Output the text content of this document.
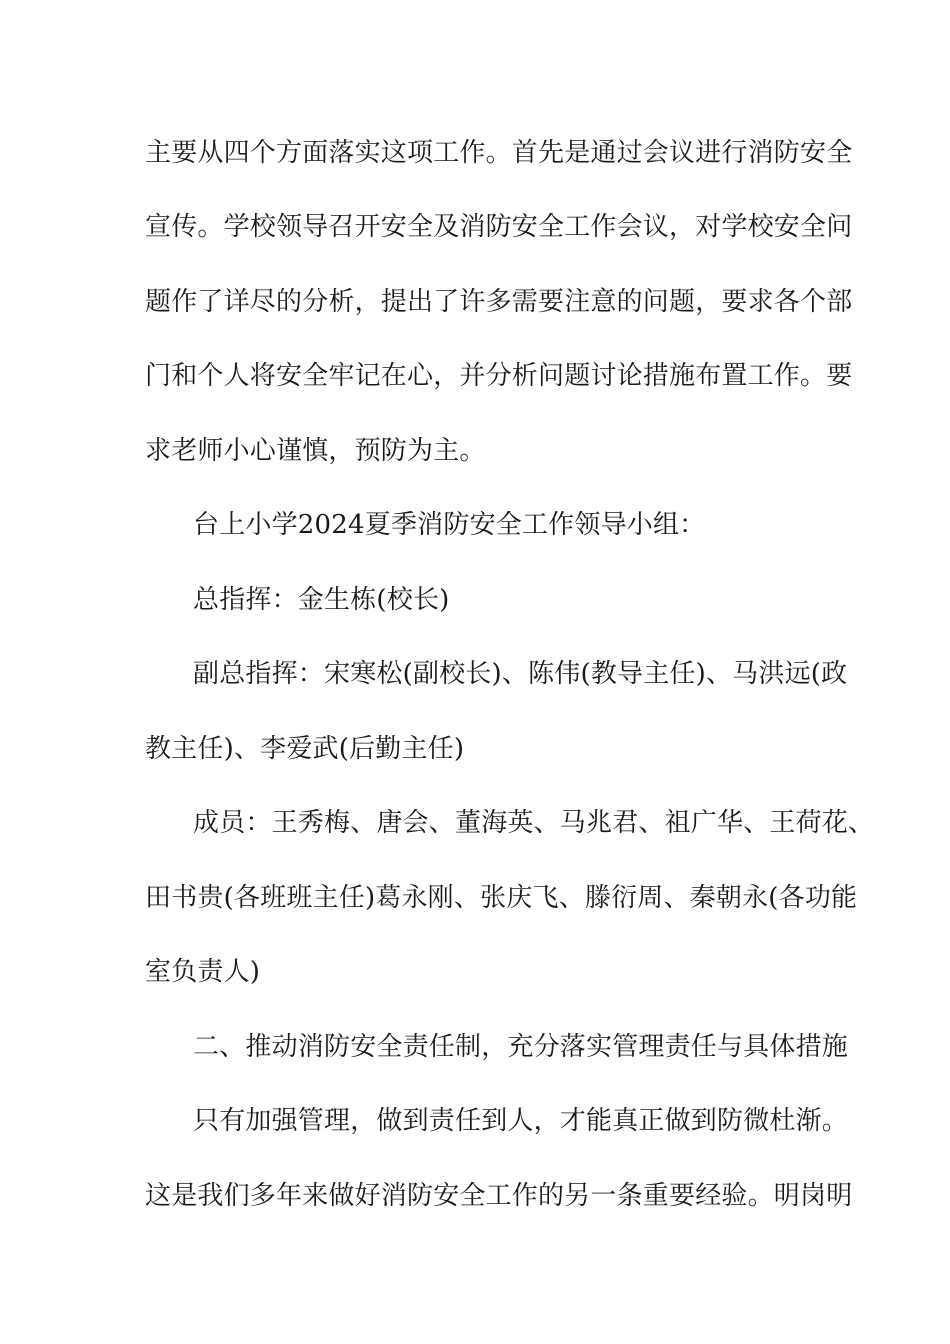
主要从四个方面落实这项工作。首先是通过会议进行消防安全
宣传。学校领导召开安全及消防安全工作会议，对学校安全问
题作了详尽的分析，提出了许多需要注意的问题，要求各个部
门和个人将安全牢记在心，并分析问题讨论措施布置工作。要
求老师小心谨慎，预防为主。
台上小学2024夏季消防安全工作领导小组：
总指挥：金生栋(校长)
副总指挥：宋寒松(副校长)、陈伟(教导主任)、马洪远(政
教主任)、李爱武(后勤主任)
成员：王秀梅、唐会、董海英、马兆君、祖广华、王荷花、
田书贵(各班班主任)葛永刚、张庆飞、滕衍周、秦朝永(各功能
室负责人)
二、推动消防安全责任制，充分落实管理责任与具体措施
只有加强管理，做到责任到人，才能真正做到防微杜渐。
这是我们多年来做好消防安全工作的另一条重要经验。明岗明
